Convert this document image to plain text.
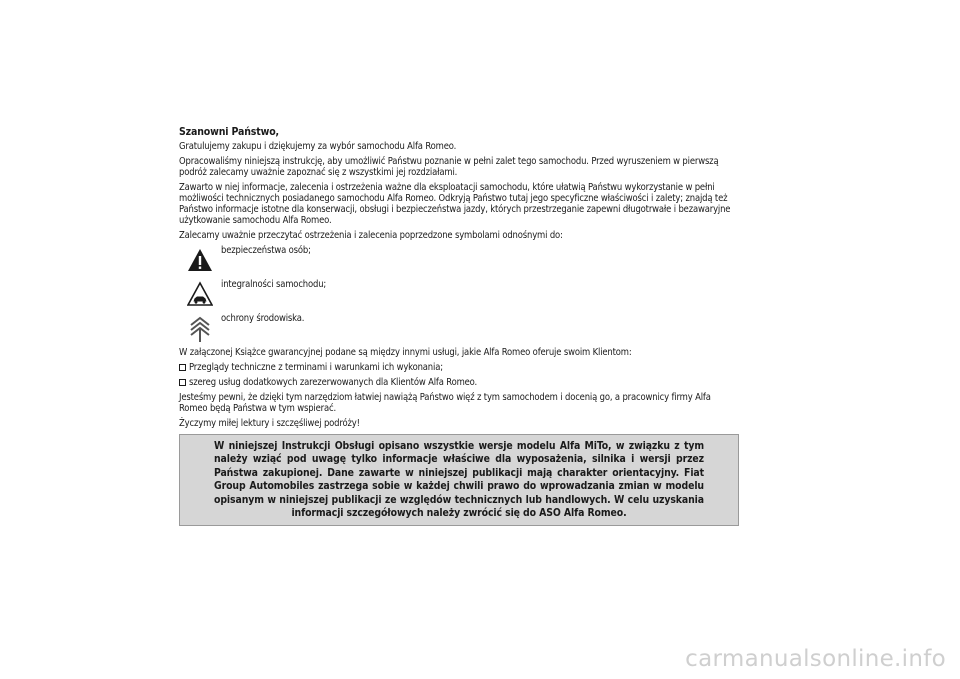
Szanowni Państwo,

Gratulujemy zakupu i dziękujemy za wybór samochodu Alfa Romeo.

Opracowaliśmy niniejszą instrukcję, aby umożliwić Państwu poznanie w pełni zalet tego samochodu. Przed wyruszeniem w pierwszą podróż zalecamy uważnie zapoznać się z wszystkimi jej rozdziałami.

Zawarto w niej informacje, zalecenia i ostrzeżenia ważne dla eksploatacji samochodu, które ułatwią Państwu wykorzystanie w pełni możliwości technicznych posiadanego samochodu Alfa Romeo. Odkryją Państwo tutaj jego specyficzne właściwości i zalety; znajdą też Państwo informacje istotne dla konserwacji, obsługi i bezpieczeństwa jazdy, których przestrzeganie zapewni długotrwałe i bezawaryjne użytkowanie samochodu Alfa Romeo.

Zalecamy uważnie przeczytać ostrzeżenia i zalecenia poprzedzone symbolami odnośnymi do:

bezpieczeństwa osób;
integralności samochodu;
ochrony środowiska.

W załączonej Książce gwarancyjnej podane są między innymi usługi, jakie Alfa Romeo oferuje swoim Klientom:

Przeglądy techniczne z terminami i warunkami ich wykonania;

szereg usług dodatkowych zarezerwowanych dla Klientów Alfa Romeo.

Jesteśmy pewni, że dzięki tym narzędziom łatwiej nawiążą Państwo więź z tym samochodem i docenią go, a pracownicy firmy Alfa Romeo będą Państwa w tym wspierać.

Życzymy miłej lektury i szczęśliwej podróży!

W niniejszej Instrukcji Obsługi opisano wszystkie wersje modelu Alfa MiTo, w związku z tym należy wziąć pod uwagę tylko informacje właściwe dla wyposażenia, silnika i wersji przez Państwa zakupionej. Dane zawarte w niniejszej publikacji mają charakter orientacyjny. Fiat Group Automobiles zastrzega sobie w każdej chwili prawo do wprowadzania zmian w modelu opisanym w niniejszej publikacji ze względów technicznych lub handlowych. W celu uzyskania informacji szczegółowych należy zwrócić się do ASO Alfa Romeo.

carmanualsonline.info
